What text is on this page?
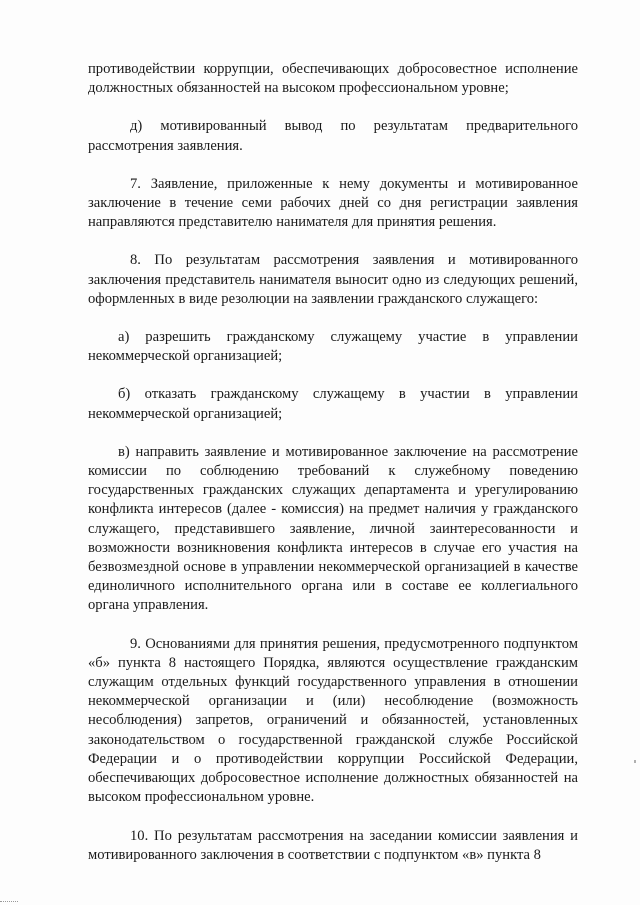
противодействии коррупции, обеспечивающих добросовестное исполнение должностных обязанностей на высоком профессиональном уровне;

д) мотивированный вывод по результатам предварительного рассмотрения заявления.

7. Заявление, приложенные к нему документы и мотивированное заключение в течение семи рабочих дней со дня регистрации заявления направляются представителю нанимателя для принятия решения.

8. По результатам рассмотрения заявления и мотивированного заключения представитель нанимателя выносит одно из следующих решений, оформленных в виде резолюции на заявлении гражданского служащего:

а) разрешить гражданскому служащему участие в управлении некоммерческой организацией;

б) отказать гражданскому служащему в участии в управлении некоммерческой организацией;

в) направить заявление и мотивированное заключение на рассмотрение комиссии по соблюдению требований к служебному поведению государственных гражданских служащих департамента и урегулированию конфликта интересов (далее - комиссия) на предмет наличия у гражданского служащего, представившего заявление, личной заинтересованности и возможности возникновения конфликта интересов в случае его участия на безвозмездной основе в управлении некоммерческой организацией в качестве единоличного исполнительного органа или в составе ее коллегиального органа управления.

9. Основаниями для принятия решения, предусмотренного подпунктом «б» пункта 8 настоящего Порядка, являются осуществление гражданским служащим отдельных функций государственного управления в отношении некоммерческой организации и (или) несоблюдение (возможность несоблюдения) запретов, ограничений и обязанностей, установленных законодательством о государственной гражданской службе Российской Федерации и о противодействии коррупции Российской Федерации, обеспечивающих добросовестное исполнение должностных обязанностей на высоком профессиональном уровне.

10. По результатам рассмотрения на заседании комиссии заявления и мотивированного заключения в соответствии с подпунктом «в» пункта 8
